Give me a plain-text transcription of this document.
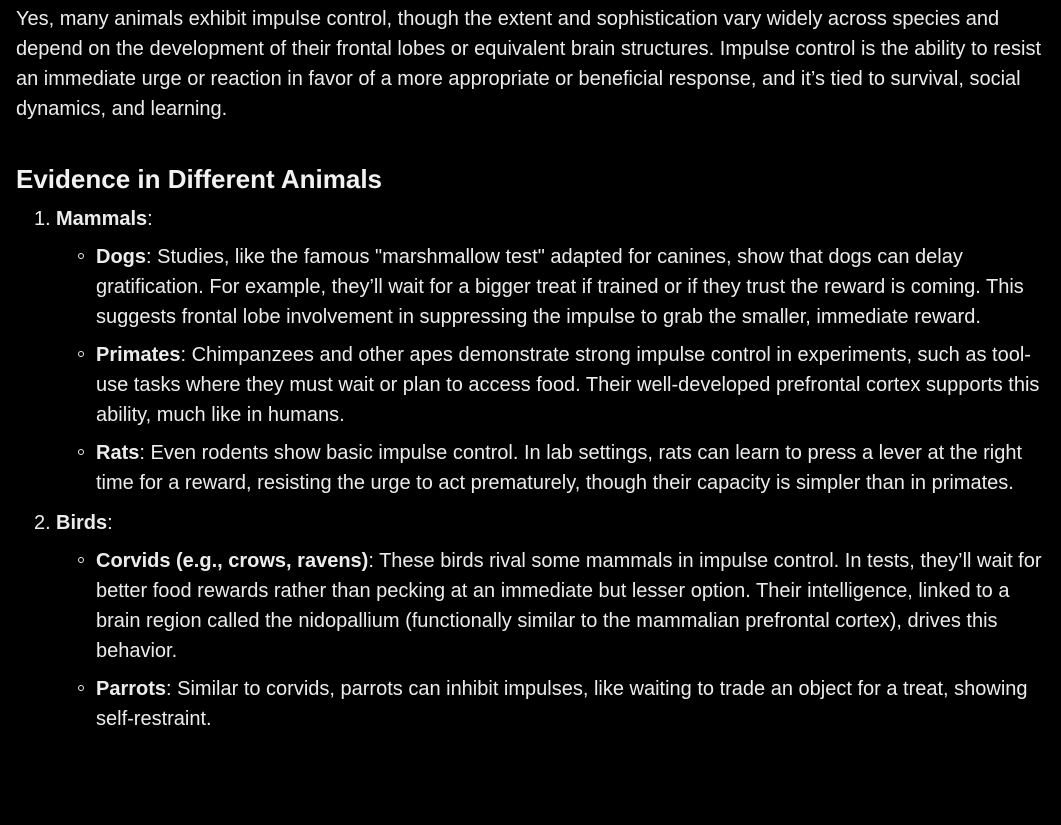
Yes, many animals exhibit impulse control, though the extent and sophistication vary widely across species and depend on the development of their frontal lobes or equivalent brain structures. Impulse control is the ability to resist an immediate urge or reaction in favor of a more appropriate or beneficial response, and it’s tied to survival, social dynamics, and learning.

Evidence in Different Animals
1. Mammals:
Dogs: Studies, like the famous "marshmallow test" adapted for canines, show that dogs can delay gratification. For example, they’ll wait for a bigger treat if trained or if they trust the reward is coming. This suggests frontal lobe involvement in suppressing the impulse to grab the smaller, immediate reward.
Primates: Chimpanzees and other apes demonstrate strong impulse control in experiments, such as tool-use tasks where they must wait or plan to access food. Their well-developed prefrontal cortex supports this ability, much like in humans.
Rats: Even rodents show basic impulse control. In lab settings, rats can learn to press a lever at the right time for a reward, resisting the urge to act prematurely, though their capacity is simpler than in primates.
2. Birds:
Corvids (e.g., crows, ravens): These birds rival some mammals in impulse control. In tests, they’ll wait for better food rewards rather than pecking at an immediate but lesser option. Their intelligence, linked to a brain region called the nidopallium (functionally similar to the mammalian prefrontal cortex), drives this behavior.
Parrots: Similar to corvids, parrots can inhibit impulses, like waiting to trade an object for a treat, showing self-restraint.
